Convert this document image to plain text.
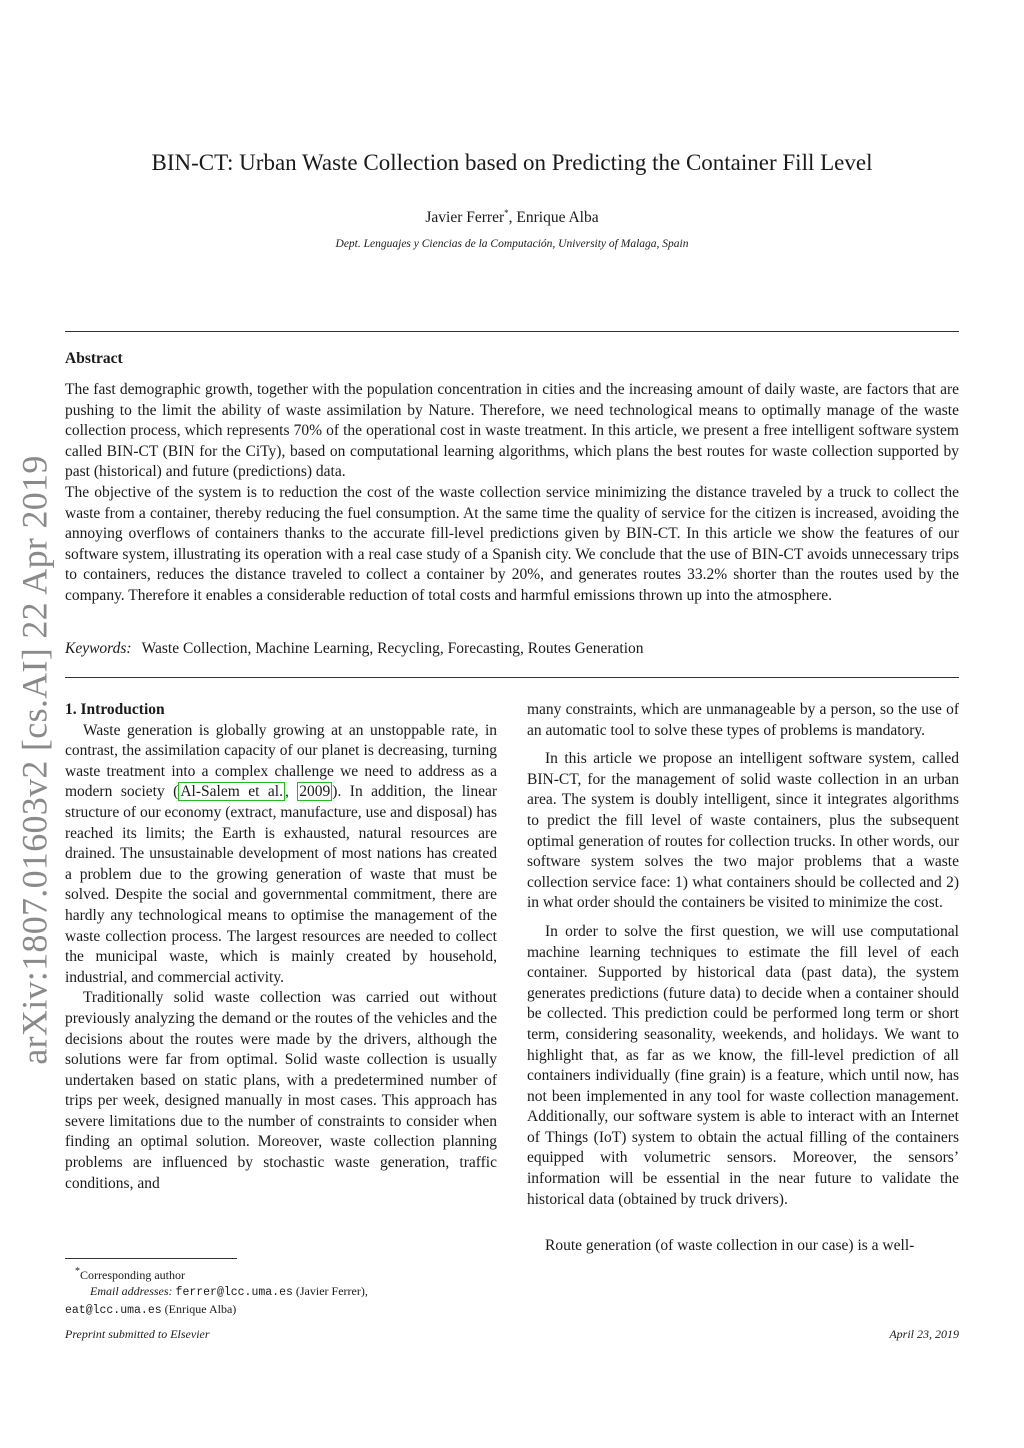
arXiv:1807.01603v2 [cs.AI] 22 Apr 2019
BIN-CT: Urban Waste Collection based on Predicting the Container Fill Level
Javier Ferrer*, Enrique Alba
Dept. Lenguajes y Ciencias de la Computación, University of Malaga, Spain
Abstract

The fast demographic growth, together with the population concentration in cities and the increasing amount of daily waste, are factors that are pushing to the limit the ability of waste assimilation by Nature. Therefore, we need technological means to optimally manage of the waste collection process, which represents 70% of the operational cost in waste treatment. In this article, we present a free intelligent software system called BIN-CT (BIN for the CiTy), based on computational learning algorithms, which plans the best routes for waste collection supported by past (historical) and future (predictions) data.

The objective of the system is to reduction the cost of the waste collection service minimizing the distance traveled by a truck to collect the waste from a container, thereby reducing the fuel consumption. At the same time the quality of service for the citizen is increased, avoiding the annoying overflows of containers thanks to the accurate fill-level predictions given by BIN-CT. In this article we show the features of our software system, illustrating its operation with a real case study of a Spanish city. We conclude that the use of BIN-CT avoids unnecessary trips to containers, reduces the distance traveled to collect a container by 20%, and generates routes 33.2% shorter than the routes used by the company. Therefore it enables a considerable reduction of total costs and harmful emissions thrown up into the atmosphere.

Keywords: Waste Collection, Machine Learning, Recycling, Forecasting, Routes Generation

1. Introduction

Waste generation is globally growing at an unstoppable rate, in contrast, the assimilation capacity of our planet is decreasing, turning waste treatment into a complex challenge we need to address as a modern society ( Al-Salem et al. , 2009 ). In addition, the linear structure of our economy (extract, manufacture, use and disposal) has reached its limits; the Earth is exhausted, natural resources are drained. The unsustainable development of most nations has created a problem due to the growing generation of waste that must be solved. Despite the social and governmental commitment, there are hardly any technological means to optimise the management of the waste collection process. The largest resources are needed to collect the municipal waste, which is mainly created by household, industrial, and commercial activity.

Traditionally solid waste collection was carried out without previously analyzing the demand or the routes of the vehicles and the decisions about the routes were made by the drivers, although the solutions were far from optimal. Solid waste collection is usually undertaken based on static plans, with a predetermined number of trips per week, designed manually in most cases. This approach has severe limitations due to the number of constraints to consider when finding an optimal solution. Moreover, waste collection planning problems are influenced by stochastic waste generation, traffic conditions, and

many constraints, which are unmanageable by a person, so the use of an automatic tool to solve these types of problems is mandatory.

In this article we propose an intelligent software system, called BIN-CT, for the management of solid waste collection in an urban area. The system is doubly intelligent, since it integrates algorithms to predict the fill level of waste containers, plus the subsequent optimal generation of routes for collection trucks. In other words, our software system solves the two major problems that a waste collection service face: 1) what containers should be collected and 2) in what order should the containers be visited to minimize the cost.

In order to solve the first question, we will use computational machine learning techniques to estimate the fill level of each container. Supported by historical data (past data), the system generates predictions (future data) to decide when a container should be collected. This prediction could be performed long term or short term, considering seasonality, weekends, and holidays. We want to highlight that, as far as we know, the fill-level prediction of all containers individually (fine grain) is a feature, which until now, has not been implemented in any tool for waste collection management. Additionally, our software system is able to interact with an Internet of Things (IoT) system to obtain the actual filling of the containers equipped with volumetric sensors. Moreover, the sensors’ information will be essential in the near future to validate the historical data (obtained by truck drivers).

Route generation (of waste collection in our case) is a well-

*Corresponding author

Email addresses: ferrer@lcc.uma.es (Javier Ferrer),

eat@lcc.uma.es (Enrique Alba)

Preprint submitted to Elsevier	April 23, 2019
